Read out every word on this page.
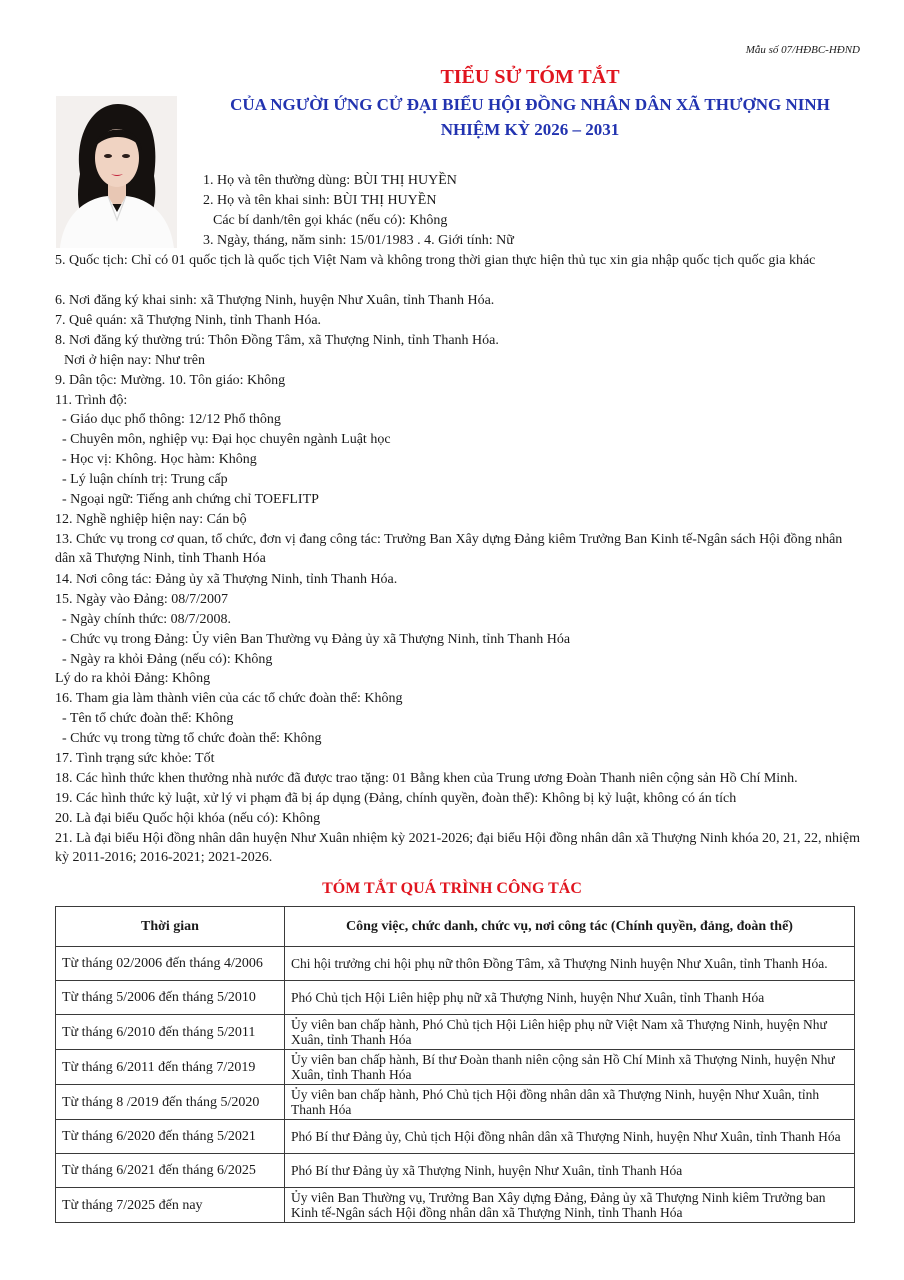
Mẫu số 07/HĐBC-HĐND
TIỂU SỬ TÓM TẮT
CỦA NGƯỜI ỨNG CỬ ĐẠI BIỂU HỘI ĐỒNG NHÂN DÂN XÃ THƯỢNG NINH
NHIỆM KỲ 2026 – 2031
1. Họ và tên thường dùng: BÙI THỊ HUYỀN
2. Họ và tên khai sinh: BÙI THỊ HUYỀN
Các bí danh/tên gọi khác (nếu có): Không
3. Ngày, tháng, năm sinh: 15/01/1983 . 4. Giới tính: Nữ
5. Quốc tịch: Chỉ có 01 quốc tịch là quốc tịch Việt Nam và không trong thời gian thực hiện thủ tục xin gia nhập quốc tịch quốc gia khác
6. Nơi đăng ký khai sinh: xã Thượng Ninh, huyện Như Xuân, tỉnh Thanh Hóa.
7. Quê quán: xã Thượng Ninh, tỉnh Thanh Hóa.
8. Nơi đăng ký thường trú: Thôn Đồng Tâm, xã Thượng Ninh, tỉnh Thanh Hóa.
Nơi ở hiện nay: Như trên
9. Dân tộc: Mường. 10. Tôn giáo: Không
11. Trình độ:
- Giáo dục phổ thông: 12/12 Phổ thông
- Chuyên môn, nghiệp vụ: Đại học chuyên ngành Luật học
- Học vị: Không. Học hàm: Không
- Lý luận chính trị: Trung cấp
- Ngoại ngữ: Tiếng anh chứng chỉ TOEFLITP
12. Nghề nghiệp hiện nay: Cán bộ
13. Chức vụ trong cơ quan, tổ chức, đơn vị đang công tác: Trưởng Ban Xây dựng Đảng kiêm Trưởng Ban Kinh tế-Ngân sách Hội đồng nhân dân xã Thượng Ninh, tỉnh Thanh Hóa
14. Nơi công tác: Đảng ủy xã Thượng Ninh, tỉnh Thanh Hóa.
15. Ngày vào Đảng: 08/7/2007
- Ngày chính thức: 08/7/2008.
- Chức vụ trong Đảng: Ủy viên Ban Thường vụ Đảng ủy xã Thượng Ninh, tỉnh Thanh Hóa
- Ngày ra khỏi Đảng (nếu có): Không
Lý do ra khỏi Đảng: Không
16. Tham gia làm thành viên của các tổ chức đoàn thể: Không
- Tên tổ chức đoàn thể: Không
- Chức vụ trong từng tổ chức đoàn thể: Không
17. Tình trạng sức khỏe: Tốt
18. Các hình thức khen thưởng nhà nước đã được trao tặng: 01 Bằng khen của Trung ương Đoàn Thanh niên cộng sản Hồ Chí Minh.
19. Các hình thức kỷ luật, xử lý vi phạm đã bị áp dụng (Đảng, chính quyền, đoàn thể): Không bị kỷ luật, không có án tích
20. Là đại biểu Quốc hội khóa (nếu có): Không
21. Là đại biểu Hội đồng nhân dân huyện Như Xuân nhiệm kỳ 2021-2026; đại biểu Hội đồng nhân dân xã Thượng Ninh khóa 20, 21, 22, nhiệm kỳ 2011-2016; 2016-2021; 2021-2026.
TÓM TẮT QUÁ TRÌNH CÔNG TÁC
Thời gian	Công việc, chức danh, chức vụ, nơi công tác (Chính quyền, đảng, đoàn thể)
Từ tháng 02/2006 đến tháng 4/2006	Chi hội trưởng chi hội phụ nữ thôn Đồng Tâm, xã Thượng Ninh huyện Như Xuân, tỉnh Thanh Hóa.
Từ tháng 5/2006 đến tháng 5/2010	Phó Chủ tịch Hội Liên hiệp phụ nữ xã Thượng Ninh, huyện Như Xuân, tỉnh Thanh Hóa
Từ tháng 6/2010 đến tháng 5/2011	Ủy viên ban chấp hành, Phó Chủ tịch Hội Liên hiệp phụ nữ Việt Nam xã Thượng Ninh, huyện Như Xuân, tỉnh Thanh Hóa
Từ tháng 6/2011 đến tháng 7/2019	Ủy viên ban chấp hành, Bí thư Đoàn thanh niên cộng sản Hồ Chí Minh xã Thượng Ninh, huyện Như Xuân, tỉnh Thanh Hóa
Từ tháng 8 /2019 đến tháng 5/2020	Ủy viên ban chấp hành, Phó Chủ tịch Hội đồng nhân dân xã Thượng Ninh, huyện Như Xuân, tỉnh Thanh Hóa
Từ tháng 6/2020 đến tháng 5/2021	Phó Bí thư Đảng ủy, Chủ tịch Hội đồng nhân dân xã Thượng Ninh, huyện Như Xuân, tỉnh Thanh Hóa
Từ tháng 6/2021 đến tháng 6/2025	Phó Bí thư Đảng ủy xã Thượng Ninh, huyện Như Xuân, tỉnh Thanh Hóa
Từ tháng 7/2025 đến nay	Ủy viên Ban Thường vụ, Trưởng Ban Xây dựng Đảng, Đảng ủy xã Thượng Ninh kiêm Trưởng ban Kinh tế-Ngân sách Hội đồng nhân dân xã Thượng Ninh, tỉnh Thanh Hóa
